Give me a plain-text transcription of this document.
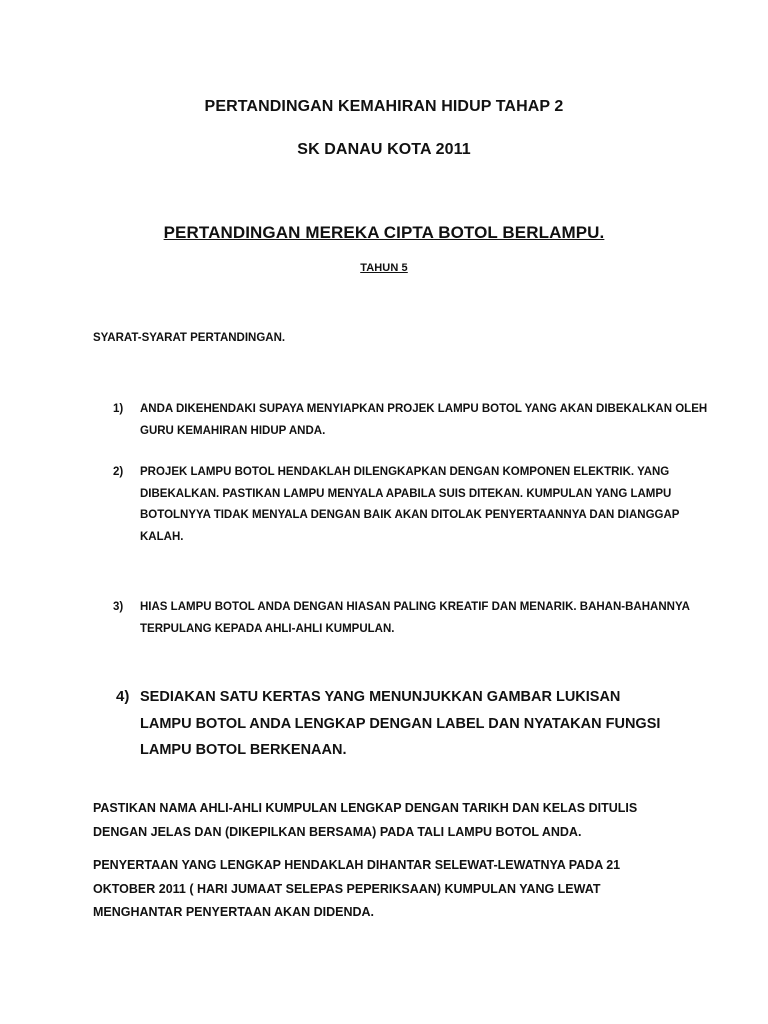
PERTANDINGAN KEMAHIRAN HIDUP TAHAP 2
SK DANAU KOTA 2011
PERTANDINGAN MEREKA CIPTA BOTOL BERLAMPU.
TAHUN 5
SYARAT-SYARAT PERTANDINGAN.
1) ANDA DIKEHENDAKI SUPAYA MENYIAPKAN PROJEK LAMPU BOTOL YANG AKAN DIBEKALKAN OLEH GURU KEMAHIRAN HIDUP ANDA.
2) PROJEK LAMPU BOTOL HENDAKLAH DILENGKAPKAN DENGAN KOMPONEN ELEKTRIK. YANG DIBEKALKAN. PASTIKAN LAMPU MENYALA APABILA SUIS DITEKAN. KUMPULAN YANG LAMPU BOTOLNYYA TIDAK MENYALA DENGAN BAIK AKAN DITOLAK PENYERTAANNYA DAN DIANGGAP KALAH.
3) HIAS LAMPU BOTOL ANDA DENGAN HIASAN PALING KREATIF DAN MENARIK. BAHAN-BAHANNYA TERPULANG KEPADA AHLI-AHLI KUMPULAN.
4) SEDIAKAN SATU KERTAS YANG MENUNJUKKAN GAMBAR LUKISAN LAMPU BOTOL ANDA LENGKAP DENGAN LABEL DAN NYATAKAN FUNGSI LAMPU BOTOL BERKENAAN.
PASTIKAN NAMA AHLI-AHLI KUMPULAN LENGKAP DENGAN TARIKH DAN KELAS DITULIS DENGAN JELAS DAN (DIKEPILKAN BERSAMA) PADA TALI LAMPU BOTOL ANDA.
PENYERTAAN YANG LENGKAP HENDAKLAH DIHANTAR SELEWAT-LEWATNYA PADA 21 OKTOBER 2011 ( HARI JUMAAT SELEPAS PEPERIKSAAN) KUMPULAN YANG LEWAT MENGHANTAR PENYERTAAN AKAN DIDENDA.
